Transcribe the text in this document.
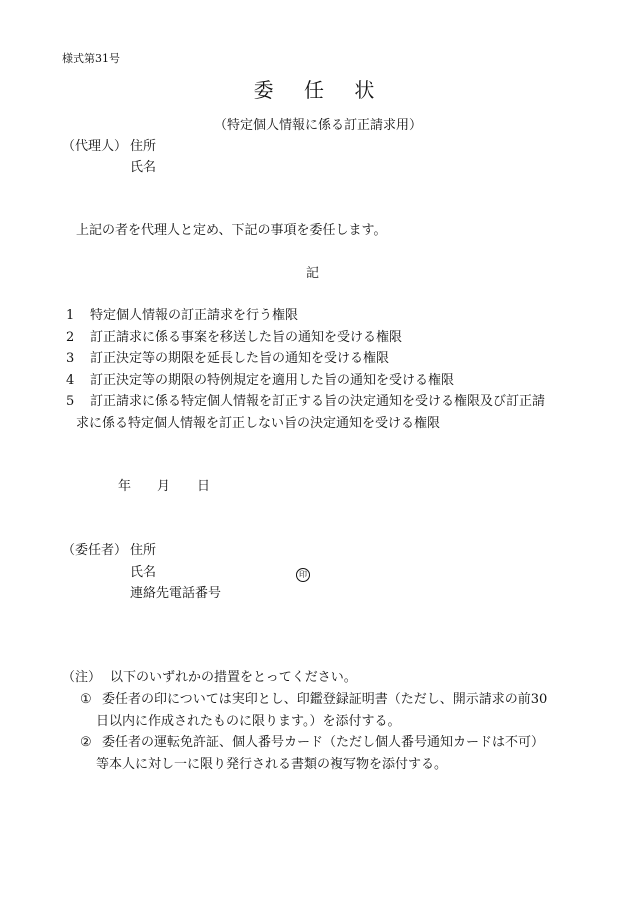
様式第31号
委 任 状
（特定個人情報に係る訂正請求用）
（代理人） 住所
氏名
上記の者を代理人と定め、下記の事項を委任します。
記
1 特定個人情報の訂正請求を行う権限
2 訂正請求に係る事案を移送した旨の通知を受ける権限
3 訂正決定等の期限を延長した旨の通知を受ける権限
4 訂正決定等の期限の特例規定を適用した旨の通知を受ける権限
5 訂正請求に係る特定個人情報を訂正する旨の決定通知を受ける権限及び訂正請
求に係る特定個人情報を訂正しない旨の決定通知を受ける権限
年 月 日
（委任者） 住所
氏名	印
連絡先電話番号
（注） 以下のいずれかの措置をとってください。
① 委任者の印については実印とし、印鑑登録証明書（ただし、開示請求の前30
日以内に作成されたものに限ります。）を添付する。
② 委任者の運転免許証、個人番号カード（ただし個人番号通知カードは不可）
等本人に対し一に限り発行される書類の複写物を添付する。
